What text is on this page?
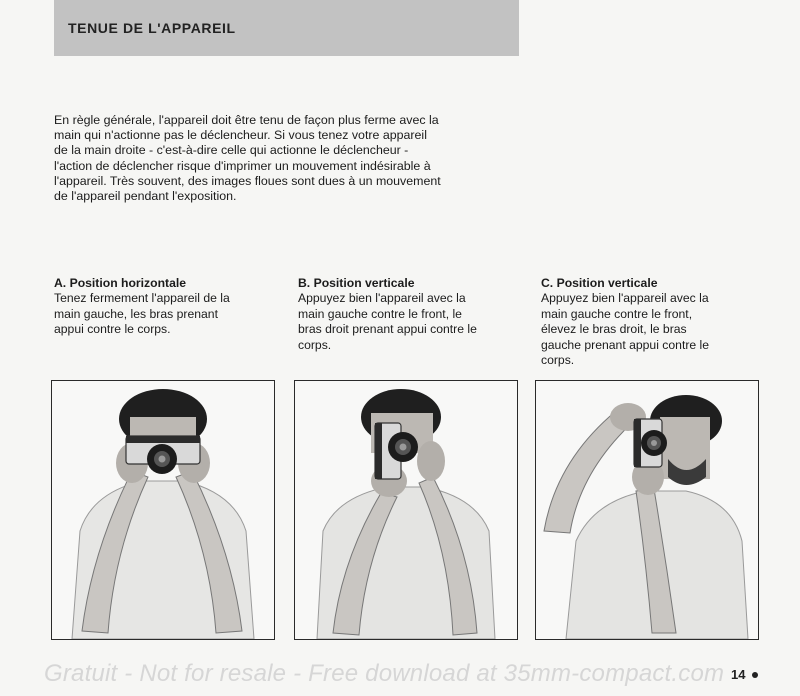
TENUE DE L'APPAREIL
En règle générale, l'appareil doit être tenu de façon plus ferme avec la
main qui n'actionne pas le déclencheur. Si vous tenez votre appareil
de la main droite - c'est-à-dire celle qui actionne le déclencheur -
l'action de déclencher risque d'imprimer un mouvement indésirable à
l'appareil. Très souvent, des images floues sont dues à un mouvement
de l'appareil pendant l'exposition.
A. Position horizontale
Tenez fermement l'appareil de la
main gauche, les bras prenant
appui contre le corps.
B. Position verticale
Appuyez bien l'appareil avec la
main gauche contre le front, le
bras droit prenant appui contre le
corps.
C. Position verticale
Appuyez bien l'appareil avec la
main gauche contre le front,
élevez le bras droit, le bras
gauche prenant appui contre le
corps.
Gratuit - Not for resale - Free download at 35mm-compact.com 14
